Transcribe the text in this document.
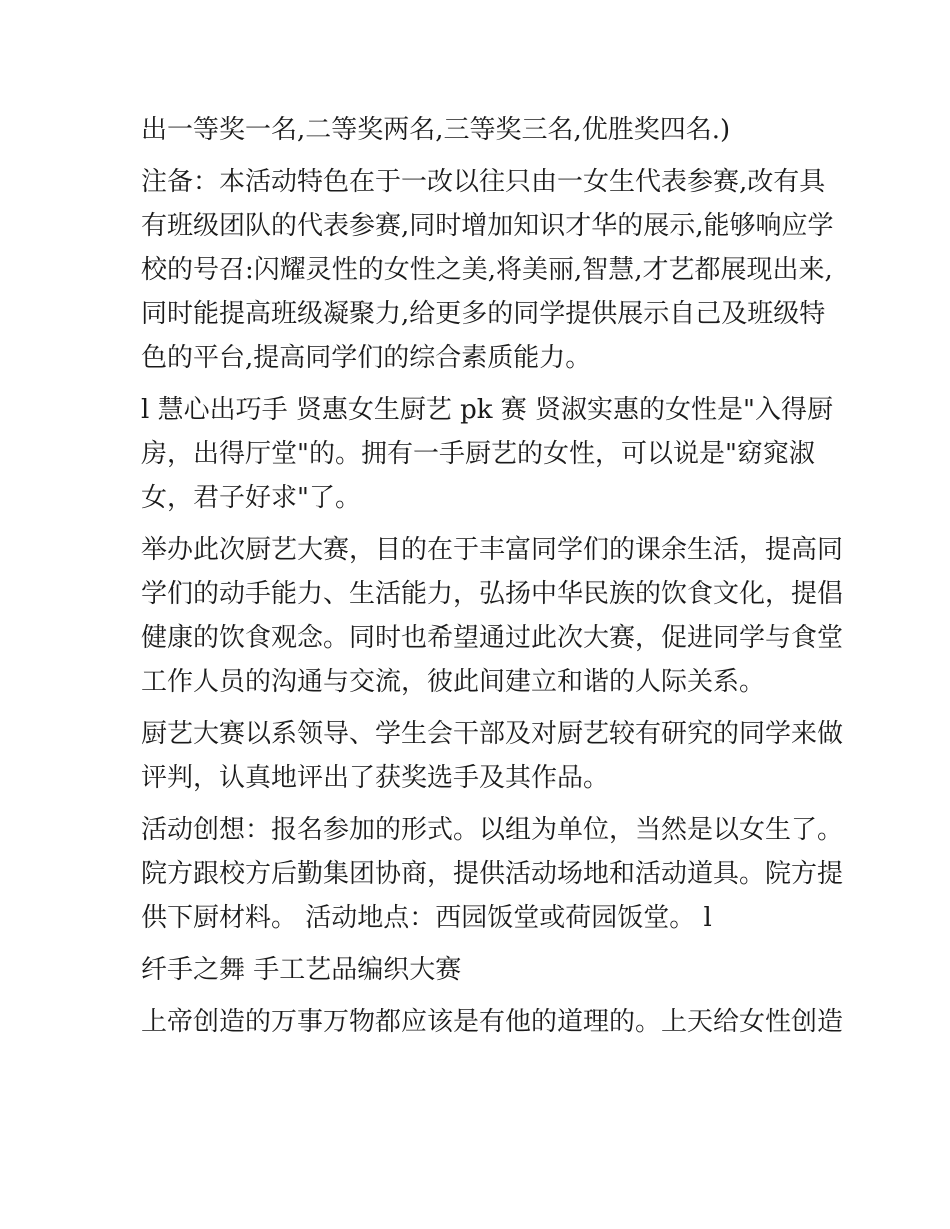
出一等奖一名,二等奖两名,三等奖三名,优胜奖四名.)
注备：本活动特色在于一改以往只由一女生代表参赛,改有具
有班级团队的代表参赛,同时增加知识才华的展示,能够响应学
校的号召:闪耀灵性的女性之美,将美丽,智慧,才艺都展现出来,
同时能提高班级凝聚力,给更多的同学提供展示自己及班级特
色的平台,提高同学们的综合素质能力。
l 慧心出巧手 贤惠女生厨艺 pk 赛 贤淑实惠的女性是"入得厨
房，出得厅堂"的。拥有一手厨艺的女性，可以说是"窈窕淑
女，君子好求"了。
举办此次厨艺大赛，目的在于丰富同学们的课余生活，提高同
学们的动手能力、生活能力，弘扬中华民族的饮食文化，提倡
健康的饮食观念。同时也希望通过此次大赛，促进同学与食堂
工作人员的沟通与交流，彼此间建立和谐的人际关系。
厨艺大赛以系领导、学生会干部及对厨艺较有研究的同学来做
评判，认真地评出了获奖选手及其作品。
活动创想：报名参加的形式。以组为单位，当然是以女生了。
院方跟校方后勤集团协商，提供活动场地和活动道具。院方提
供下厨材料。 活动地点：西园饭堂或荷园饭堂。 l
纤手之舞 手工艺品编织大赛
上帝创造的万事万物都应该是有他的道理的。上天给女性创造
